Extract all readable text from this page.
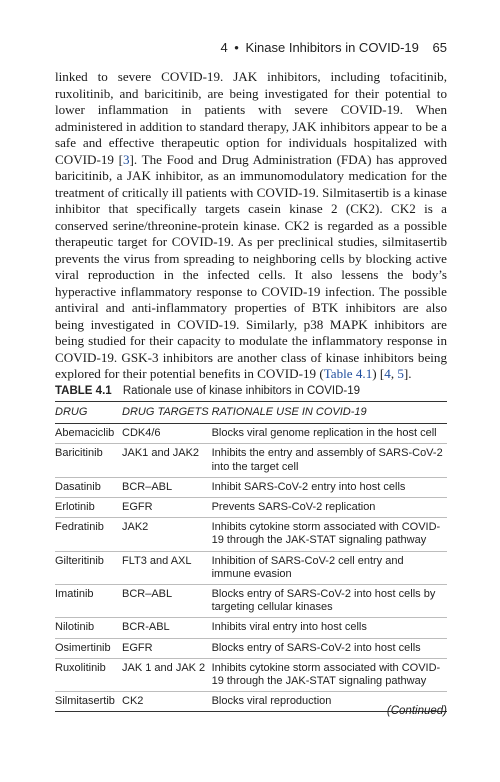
4 • Kinase Inhibitors in COVID-19 65

linked to severe COVID-19. JAK inhibitors, including tofacitinib, ruxolitinib, and baricitinib, are being investigated for their potential to lower inflammation in patients with severe COVID-19. When administered in addition to standard therapy, JAK inhibitors appear to be a safe and effective therapeutic option for individuals hospitalized with COVID-19 [3]. The Food and Drug Administration (FDA) has approved baricitinib, a JAK inhibitor, as an immunomodulatory medication for the treatment of critically ill patients with COVID-19. Silmitasertib is a kinase inhibitor that specifically targets casein kinase 2 (CK2). CK2 is a conserved serine/threonine-protein kinase. CK2 is regarded as a possible therapeutic target for COVID-19. As per preclinical studies, silmitasertib prevents the virus from spreading to neighboring cells by blocking active viral reproduction in the infected cells. It also lessens the body’s hyperactive inflammatory response to COVID-19 infection. The possible antiviral and anti-inflammatory properties of BTK inhibitors are also being investigated in COVID-19. Similarly, p38 MAPK inhibitors are being studied for their capacity to modulate the inflammatory response in COVID-19. GSK-3 inhibitors are another class of kinase inhibitors being explored for their potential benefits in COVID-19 (Table 4.1) [4, 5].

TABLE 4.1 Rationale use of kinase inhibitors in COVID-19
DRUG	DRUG TARGETS	RATIONALE USE IN COVID-19
Abemaciclib	CDK4/6	Blocks viral genome replication in the host cell
Baricitinib	JAK1 and JAK2	Inhibits the entry and assembly of SARS-CoV-2 into the target cell
Dasatinib	BCR–ABL	Inhibit SARS-CoV-2 entry into host cells
Erlotinib	EGFR	Prevents SARS-CoV-2 replication
Fedratinib	JAK2	Inhibits cytokine storm associated with COVID-19 through the JAK-STAT signaling pathway
Gilteritinib	FLT3 and AXL	Inhibition of SARS-CoV-2 cell entry and immune evasion
Imatinib	BCR–ABL	Blocks entry of SARS-CoV-2 into host cells by targeting cellular kinases
Nilotinib	BCR-ABL	Inhibits viral entry into host cells
Osimertinib	EGFR	Blocks entry of SARS-CoV-2 into host cells
Ruxolitinib	JAK 1 and JAK 2	Inhibits cytokine storm associated with COVID-19 through the JAK-STAT signaling pathway
Silmitasertib	CK2	Blocks viral reproduction
(Continued)
